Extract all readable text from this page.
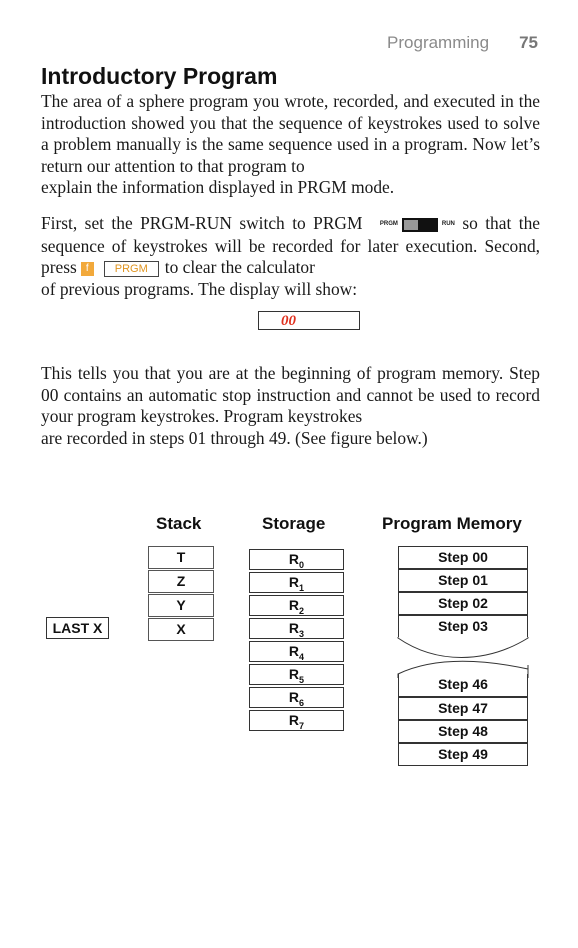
Programming 75
Introductory Program
The area of a sphere program you wrote, recorded, and executed in the introduction showed you that the sequence of keystrokes used to solve a problem manually is the same sequence used in a program. Now let’s return our attention to that program to
explain the information displayed in PRGM mode.
First, set the PRGM-RUN switch to PRGM	PRGM	RUN so that the sequence of keystrokes will be recorded for later execution. Second, press f PRGM to clear the calculator
of previous programs. The display will show:
00
This tells you that you are at the beginning of program memory. Step 00 contains an automatic stop instruction and cannot be used to record your program keystrokes. Program keystrokes
are recorded in steps 01 through 49. (See figure below.)
Stack	Storage	Program Memory
LAST X
T
Z
Y
X
$R_0$
$R_1$
$R_2$
$R_3$
$R_4$
$R_5$
$R_6$
$R_7$
Step 00
Step 01
Step 02
Step 03
Step 46
Step 47
Step 48
Step 49
